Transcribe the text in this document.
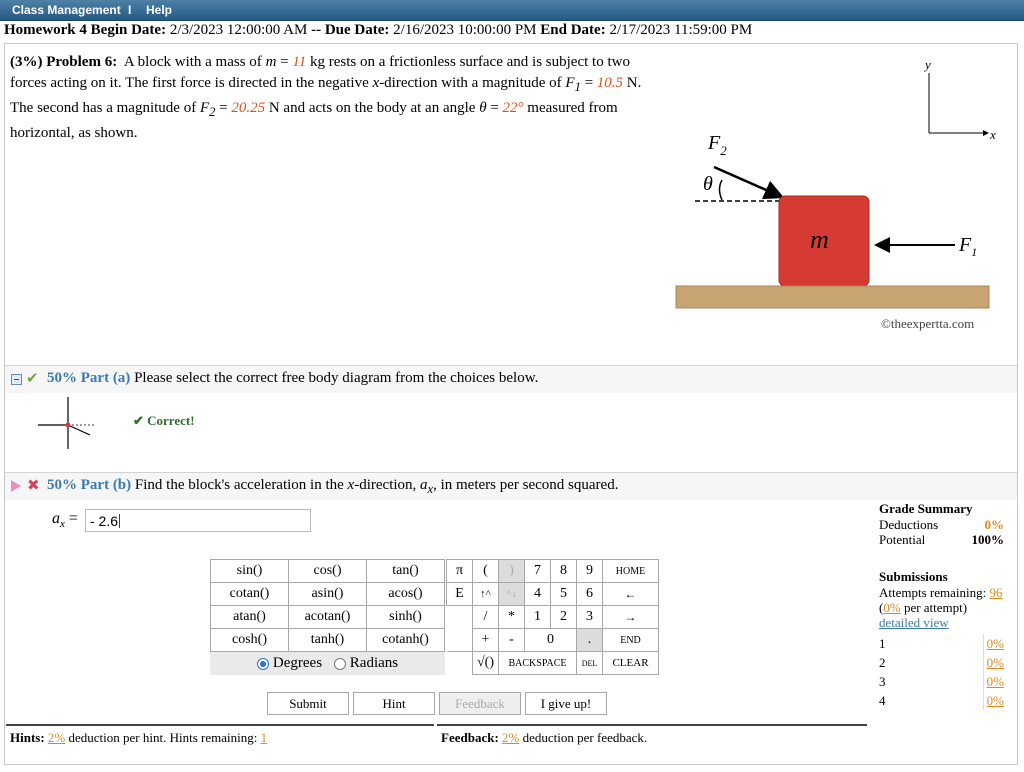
Class Management I Help
Homework 4 Begin Date: 2/3/2023 12:00:00 AM -- Due Date: 2/16/2023 10:00:00 PM End Date: 2/17/2023 11:59:00 PM
(3%) Problem 6: A block with a mass of m = 11 kg rests on a frictionless surface and is subject to two forces acting on it. The first force is directed in the negative x-direction with a magnitude of $F_1 = 10.5$ N. The second has a magnitude of $F_2 = 20.25$ N and acts on the body at an angle θ = 22° measured from horizontal, as shown.
y
x
$F_2$
θ
m	$F_1$
©theexpertta.com
✔ 50% Part (a) Please select the correct free body diagram from the choices below.
✔ Correct!
✖ 50% Part (b) Find the block's acceleration in the x-direction, $a_x$, in meters per second squared.
$a_x$ = - 2.6
sin()	cos()	tan()
cotan()	asin()	acos()
atan()	acotan()	sinh()
cosh()	tanh()	cotanh()
Degrees
Radians
π	(	)	7	8	9	HOME
E	↑^	^↓	4	5	6	←
	/	*	1	2	3	→
	+	-	0		.	END
	√()	BACKSPACE			DEL	CLEAR
Submit	Hint	Feedback	I give up!
Hints: 2% deduction per hint. Hints remaining: 1	Feedback: 2% deduction per feedback.
Grade Summary
Deductions	0%
Potential	100%
Submissions
Attempts remaining: 96
(0% per attempt)
detailed view
1	0%
2	0%
3	0%
4	0%
